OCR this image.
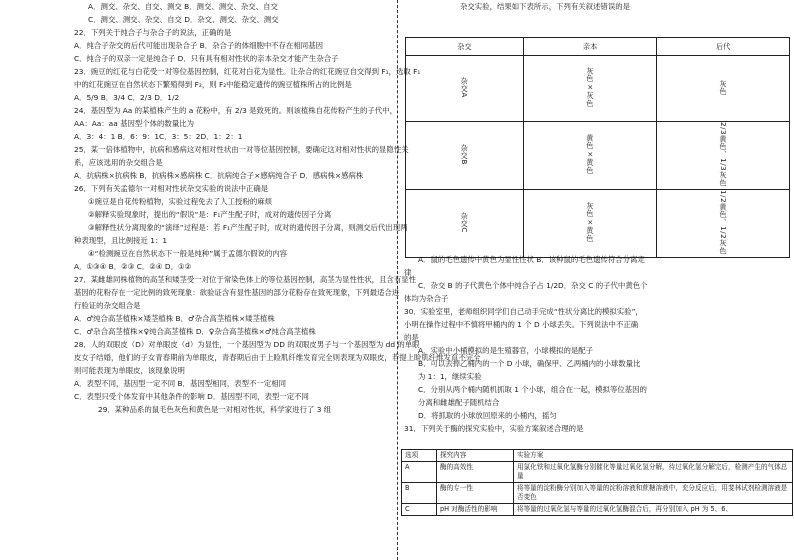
A．测交、杂交、自交、测交 B．测交、测交、杂交、自交
C．测交、测交、杂交、自交 D．杂交、测交、杂交、测交
22．下列关于纯合子与杂合子的说法，正确的是
A．纯合子杂交的后代可能出现杂合子 B．杂合子的体细胞中不存在相同基因
C．纯合子的双亲一定是纯合子 D．只有具有相对性状的亲本杂交才能产生杂合子
23．豌豆的红花与白花受一对等位基因控制，红花对白花为显性。让杂合的红花豌豆自交得到 F₁，选取 F₁
中的红花豌豆在自然状态下繁殖得到 F₂，则 F₂中能稳定遗传的豌豆植株所占的比例是
A．5/9 B．3/4 C．2/3 D．1/2
24．基因型为 Aa 的某植株产生的 a 花粉中，有 2/3 是致死的。则该植株自花传粉产生的子代中，
AA：Aa：aa 基因型个体的数量比为
A．3：4：1 B．6：9：1C．3：5：2D．1：2：1
25．某一倍体植物中，抗病和感病这对相对性状由一对等位基因控制，要确定这对相对性状的显隐性关
系，应该选用的杂交组合是
A．抗病株×抗病株 B．抗病株×感病株 C．抗病纯合子×感病纯合子 D．感病株×感病株
26．下列有关孟德尔一对相对性状杂交实验的说法中正确是
①豌豆是自花传粉植物，实验过程免去了人工授粉的麻烦
②解释实验现象时，提出的“假说”是：F₁产生配子时，成对的遗传因子分离
③解释性状分离现象的“演绎”过程是：若 F₁产生配子时，成对的遗传因子分离，则测交后代出现两
种表现型，且比例接近 1：1
④“检测豌豆在自然状态下一般是纯种”属于孟德尔假说的内容
A．①③④ B．②③ C．②④ D．①②
27．某雌雄同株植物的高茎和矮茎受一对位于常染色体上的等位基因控制，高茎为显性性状，且含有显性
基因的花粉存在一定比例的致死现象：欲验证含有显性基因的部分花粉存在致死现象，下列最适合进
行验证的杂交组合是
A．♂纯合高茎植株×矮茎植株 B．♂杂合高茎植株×矮茎植株
C．♂杂合高茎植株×♀纯合高茎植株 D．♀杂合高茎植株×♂纯合高茎植株
28．人的双眼皮（D）对单眼皮（d）为显性，一个基因型为 DD 的双眼皮男子与一个基因型为 dd 的单眼
皮女子结婚，他们的子女青春期前为单眼皮，青春期后由于上睑肌纤维发育完全则表现为双眼皮，若提上睑肌纤维发育不完全
则可能表现为单眼皮，该现象说明
A．表型不同，基因型一定不同 B．基因型相同，表型不一定相同
C．表型只受个体发育中其他条件的影响 D．基因型不同，表型一定不同
29．某种品系的鼠毛色灰色和黄色是一对相对性状，科学家进行了 3 组
杂交实验，结果如下表所示，下列有关叙述错误的是
杂交	亲本	后代
杂交A	灰色×灰色	灰色
杂交B	黄色×黄色	2/3黄色、1/3灰色
杂交C	灰色×黄色	1/2黄色、1/2灰色
A．鼠的毛色遗传中黄色为显性性状 B．该种鼠的毛色遗传符合分离定
律
C．杂交 B 的子代黄色个体中纯合子占 1/2D．杂交 C 的子代中黄色个
体均为杂合子
30．实验室里，老师组织同学们自己动手完成“性状分离比的模拟实验”，
小明在操作过程中不慎将甲桶内的 1 个 D 小球丢失。下列说法中不正确
的是
A．实验中小桶模拟的是生殖器官，小球模拟的是配子
B．可以去掉乙桶内的一个 D 小球，确保甲、乙两桶内的小球数量比
为 1：1，继续实验
C．分别从两个桶内随机抓取 1 个小球，组合在一起，模拟等位基因的
分离和雌雄配子随机结合
D．将抓取的小球放回原来的小桶内，摇匀
31．下列关于酶的探究实验中，实验方案叙述合理的是
选项	探究内容	实验方案
A	酶的高效性	用氯化铁和过氧化氢酶分别催化等量过氧化氢分解，待过氧化氢分解完后，检测产生的气体总量
B	酶的专一性	将等量的淀粉酶分别加入等量的淀粉溶液和蔗糖溶液中，充分反应后，用斐林试剂检测溶液是否变色
C	pH 对酶活性的影响	将等量的过氧化氢与等量的过氧化氢酶混合后，再分别加入 pH 为 5、6、
